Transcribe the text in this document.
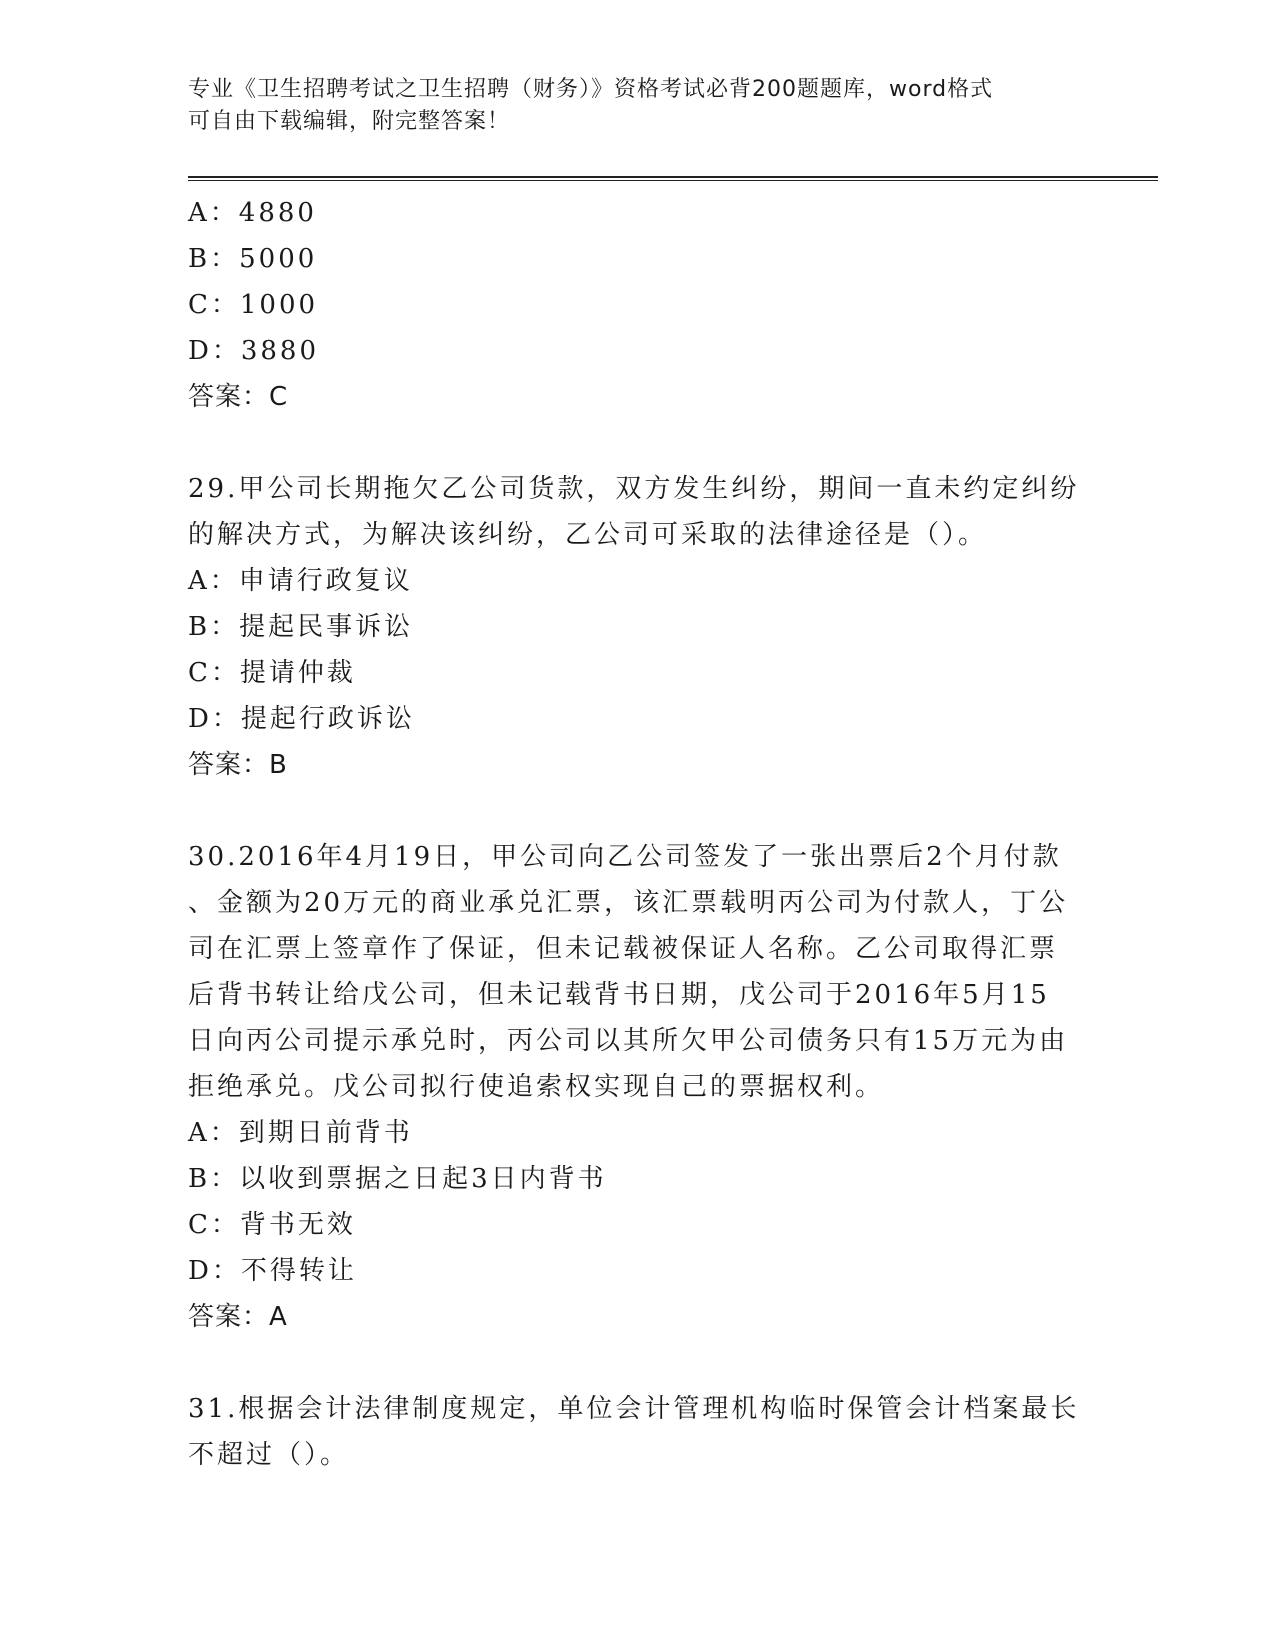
专业《卫生招聘考试之卫生招聘（财务）》资格考试必背200题题库，word格式
可自由下载编辑，附完整答案！
A：4880
B：5000
C：1000
D：3880
答案：C
29.甲公司长期拖欠乙公司货款，双方发生纠纷，期间一直未约定纠纷
的解决方式，为解决该纠纷，乙公司可采取的法律途径是（）。
A：申请行政复议
B：提起民事诉讼
C：提请仲裁
D：提起行政诉讼
答案：B
30.2016年4月19日，甲公司向乙公司签发了一张出票后2个月付款
、金额为20万元的商业承兑汇票，该汇票载明丙公司为付款人，丁公
司在汇票上签章作了保证，但未记载被保证人名称。乙公司取得汇票
后背书转让给戊公司，但未记载背书日期，戊公司于2016年5月15
日向丙公司提示承兑时，丙公司以其所欠甲公司债务只有15万元为由
拒绝承兑。戊公司拟行使追索权实现自己的票据权利。
A：到期日前背书
B：以收到票据之日起3日内背书
C：背书无效
D：不得转让
答案：A
31.根据会计法律制度规定，单位会计管理机构临时保管会计档案最长
不超过（）。
